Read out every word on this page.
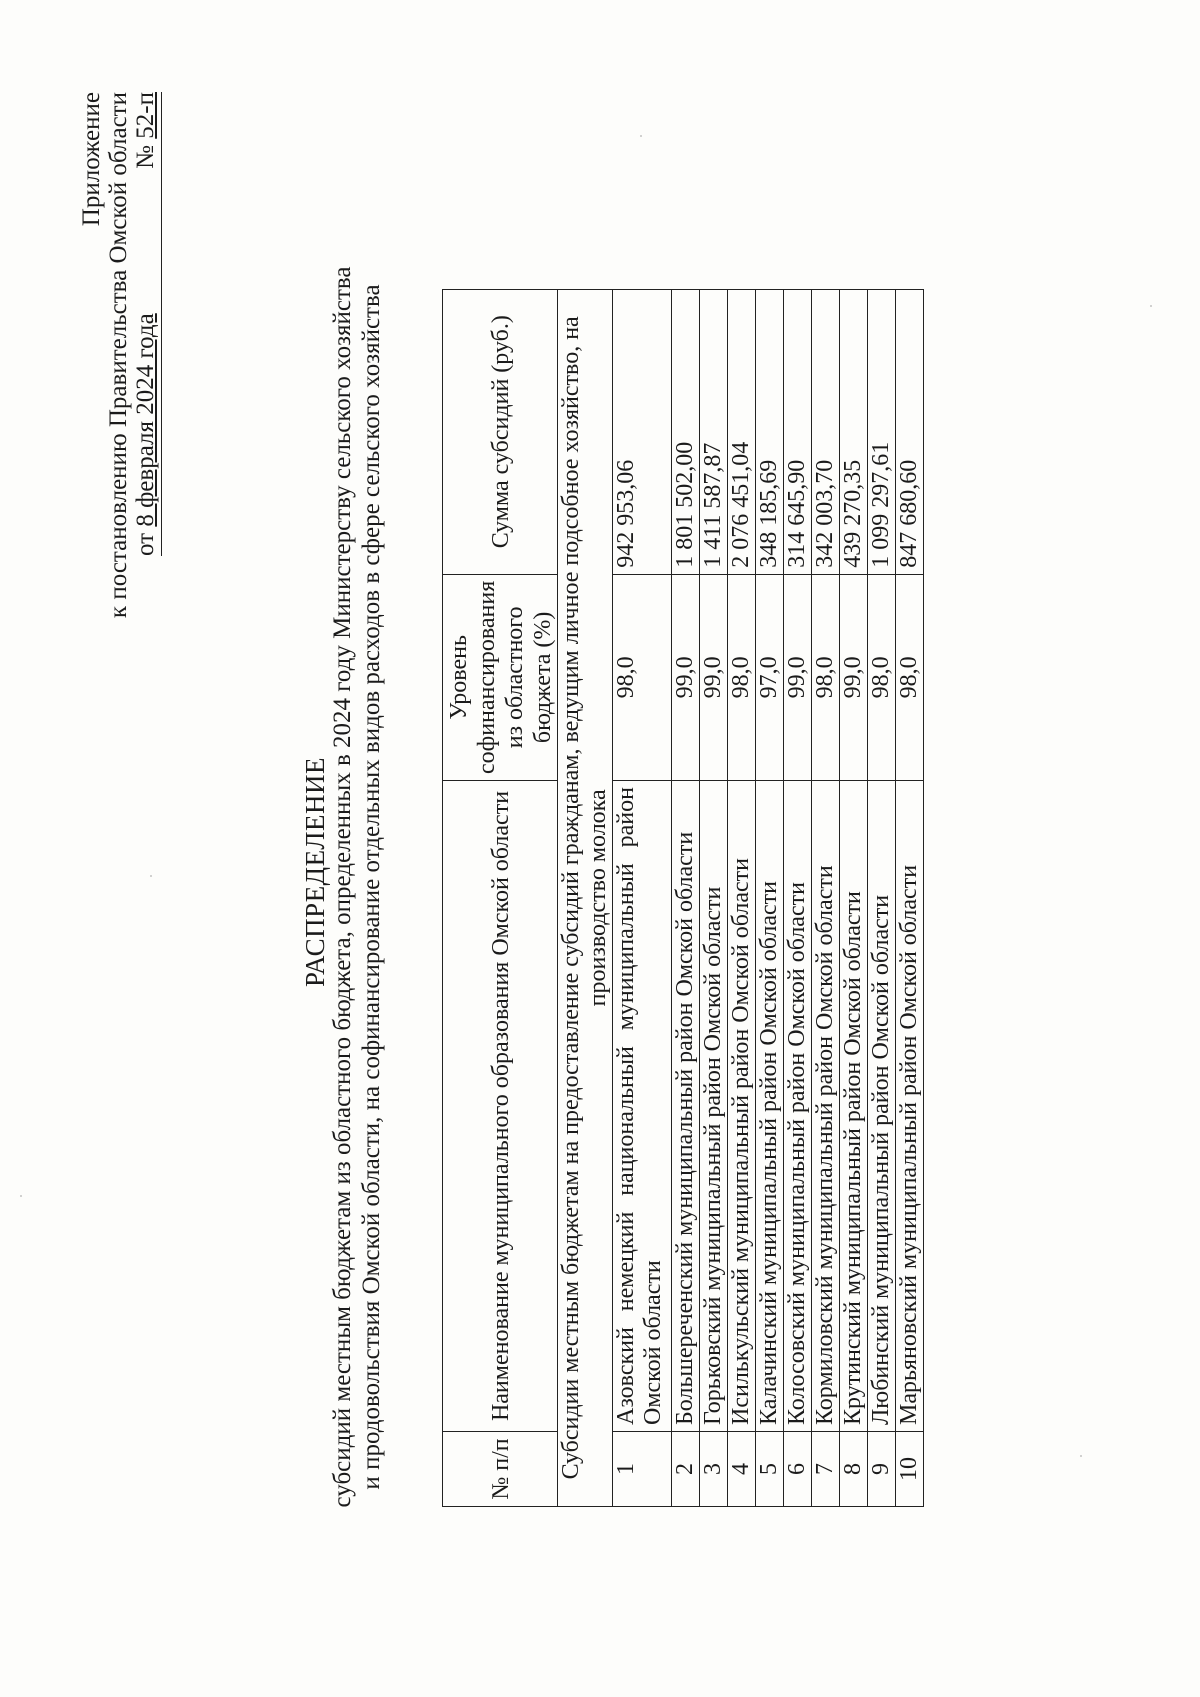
Приложение к постановлению Правительства Омской области от 8 февраля 2024 года
№ 52-п
РАСПРЕДЕЛЕНИЕ субсидий местным бюджетам из областного бюджета, определенных в 2024 году Министерству сельского хозяйства и продовольствия Омской области, на софинансирование отдельных видов расходов в сфере сельского хозяйства	№ п/п	Наименование муниципального образования Омской области	Уровень софинансирования из областного бюджета (%)	Сумма субсидий (руб.)
Субсидии местным бюджетам на предоставление субсидий гражданам, ведущим личное подсобное хозяйство, на производство молока			
1	Азовский немецкий национальный муниципальный район Омской области	98,0	942 953,06
2	Большереченский муниципальный район Омской области	99,0	1 801 502,00
3	Горьковский муниципальный район Омской области	99,0	1 411 587,87
4	Исилькульский муниципальный район Омской области	98,0	2 076 451,04
5	Калачинский муниципальный район Омской области	97,0	348 185,69
6	Колосовский муниципальный район Омской области	99,0	314 645,90
7	Кормиловский муниципальный район Омской области	98,0	342 003,70
8	Крутинский муниципальный район Омской области	99,0	439 270,35
9	Любинский муниципальный район Омской области	98,0	1 099 297,61
10	Марьяновский муниципальный район Омской области	98,0	847 680,60
